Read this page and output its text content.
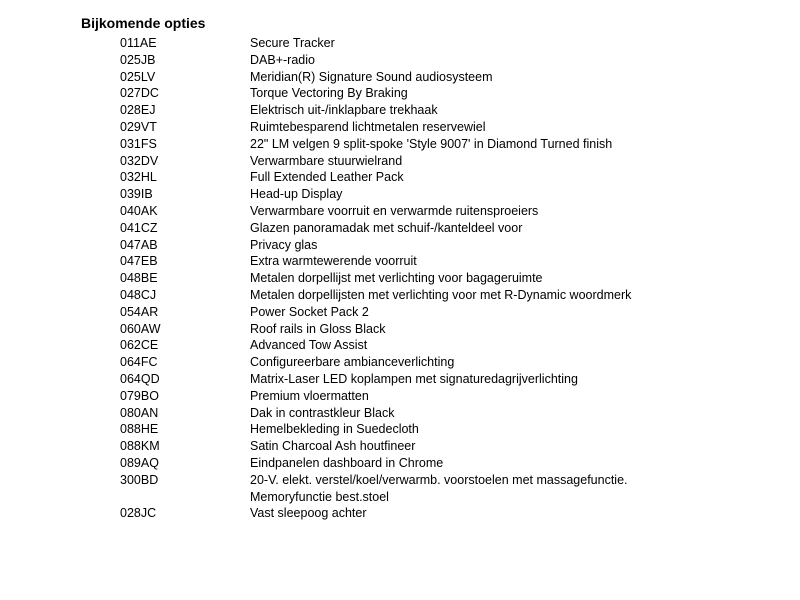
Bijkomende opties
011AE	Secure Tracker
025JB	DAB+-radio
025LV	Meridian(R) Signature Sound audiosysteem
027DC	Torque Vectoring By Braking
028EJ	Elektrisch uit-/inklapbare trekhaak
029VT	Ruimtebesparend lichtmetalen reservewiel
031FS	22" LM velgen 9 split-spoke 'Style 9007' in Diamond Turned finish
032DV	Verwarmbare stuurwielrand
032HL	Full Extended Leather Pack
039IB	Head-up Display
040AK	Verwarmbare voorruit en verwarmde ruitensproeiers
041CZ	Glazen panoramadak met schuif-/kanteldeel voor
047AB	Privacy glas
047EB	Extra warmtewerende voorruit
048BE	Metalen dorpellijst met verlichting voor bagageruimte
048CJ	Metalen dorpellijsten met verlichting voor met R-Dynamic woordmerk
054AR	Power Socket Pack 2
060AW	Roof rails in Gloss Black
062CE	Advanced Tow Assist
064FC	Configureerbare ambianceverlichting
064QD	Matrix-Laser LED koplampen met signaturedagrijverlichting
079BO	Premium vloermatten
080AN	Dak in contrastkleur Black
088HE	Hemelbekleding in Suedecloth
088KM	Satin Charcoal Ash houtfineer
089AQ	Eindpanelen dashboard in Chrome
300BD	20-V. elekt. verstel/koel/verwarmb. voorstoelen met massagefunctie.
Memoryfunctie best.stoel
028JC	Vast sleepoog achter
